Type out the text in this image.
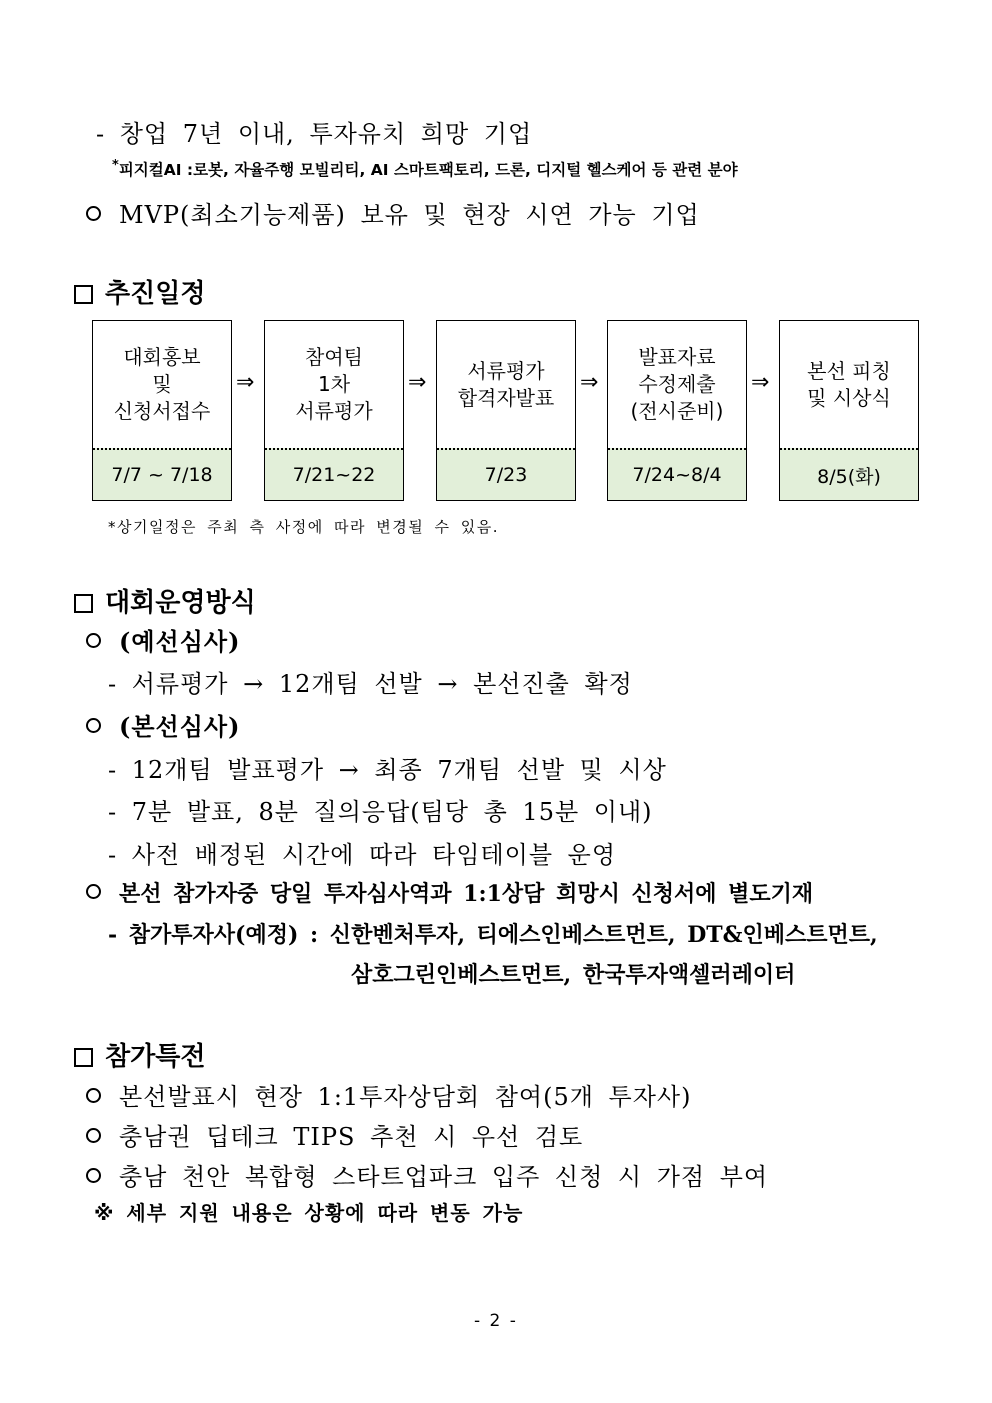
- 창업 7년 이내, 투자유치 희망 기업
*피지컬AI :로봇, 자율주행 모빌리티, AI 스마트팩토리, 드론, 디지털 헬스케어 등 관련 분야
MVP(최소기능제품) 보유 및 현장 시연 가능 기업
추진일정
대회홍보
및
신청서접수
7/7 ~ 7/18
⇒
참여팀
1차
서류평가
7/21~22
⇒	서류평가
합격자발표
7/23
⇒
발표자료
수정제출
(전시준비)
7/24~8/4
⇒ 본선 피칭
및 시상식
8/5(화)
*상기일정은 주최 측 사정에 따라 변경될 수 있음.
대회운영방식
(예선심사)
- 서류평가 → 12개팀 선발 → 본선진출 확정
(본선심사)
- 12개팀 발표평가 → 최종 7개팀 선발 및 시상
- 7분 발표, 8분 질의응답(팀당 총 15분 이내)
- 사전 배정된 시간에 따라 타임테이블 운영
본선 참가자중 당일 투자심사역과 1:1상담 희망시 신청서에 별도기재
- 참가투자사(예정) : 신한벤처투자, 티에스인베스트먼트, DT&인베스트먼트,
삼호그린인베스트먼트, 한국투자액셀러레이터
참가특전
본선발표시 현장 1:1투자상담회 참여(5개 투자사)
충남권 딥테크 TIPS 추천 시 우선 검토
충남 천안 복합형 스타트업파크 입주 신청 시 가점 부여
※ 세부 지원 내용은 상황에 따라 변동 가능
- 2 -
